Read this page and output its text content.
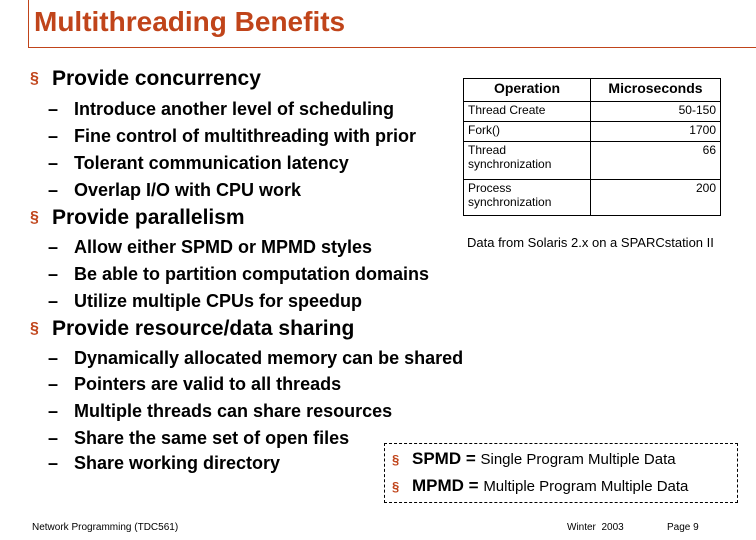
Multithreading Benefits
§ Provide concurrency
– Introduce another level of scheduling
– Fine control of multithreading with prior
– Tolerant communication latency
– Overlap I/O with CPU work
§ Provide parallelism
– Allow either SPMD or MPMD styles
– Be able to partition computation domains
– Utilize multiple CPUs for speedup
§ Provide resource/data sharing
– Dynamically allocated memory can be shared
– Pointers are valid to all threads
– Multiple threads can share resources
– Share the same set of open files
– Share working directory
Operation	Microseconds
Thread Create	50-150
Fork()	1700
Thread synchronization	66
Process synchronization	200
Data from Solaris 2.x on a SPARCstation II
§ SPMD = Single Program Multiple Data
§ MPMD = Multiple Program Multiple Data
Network Programming (TDC561)	Winter  2003	Page 9
